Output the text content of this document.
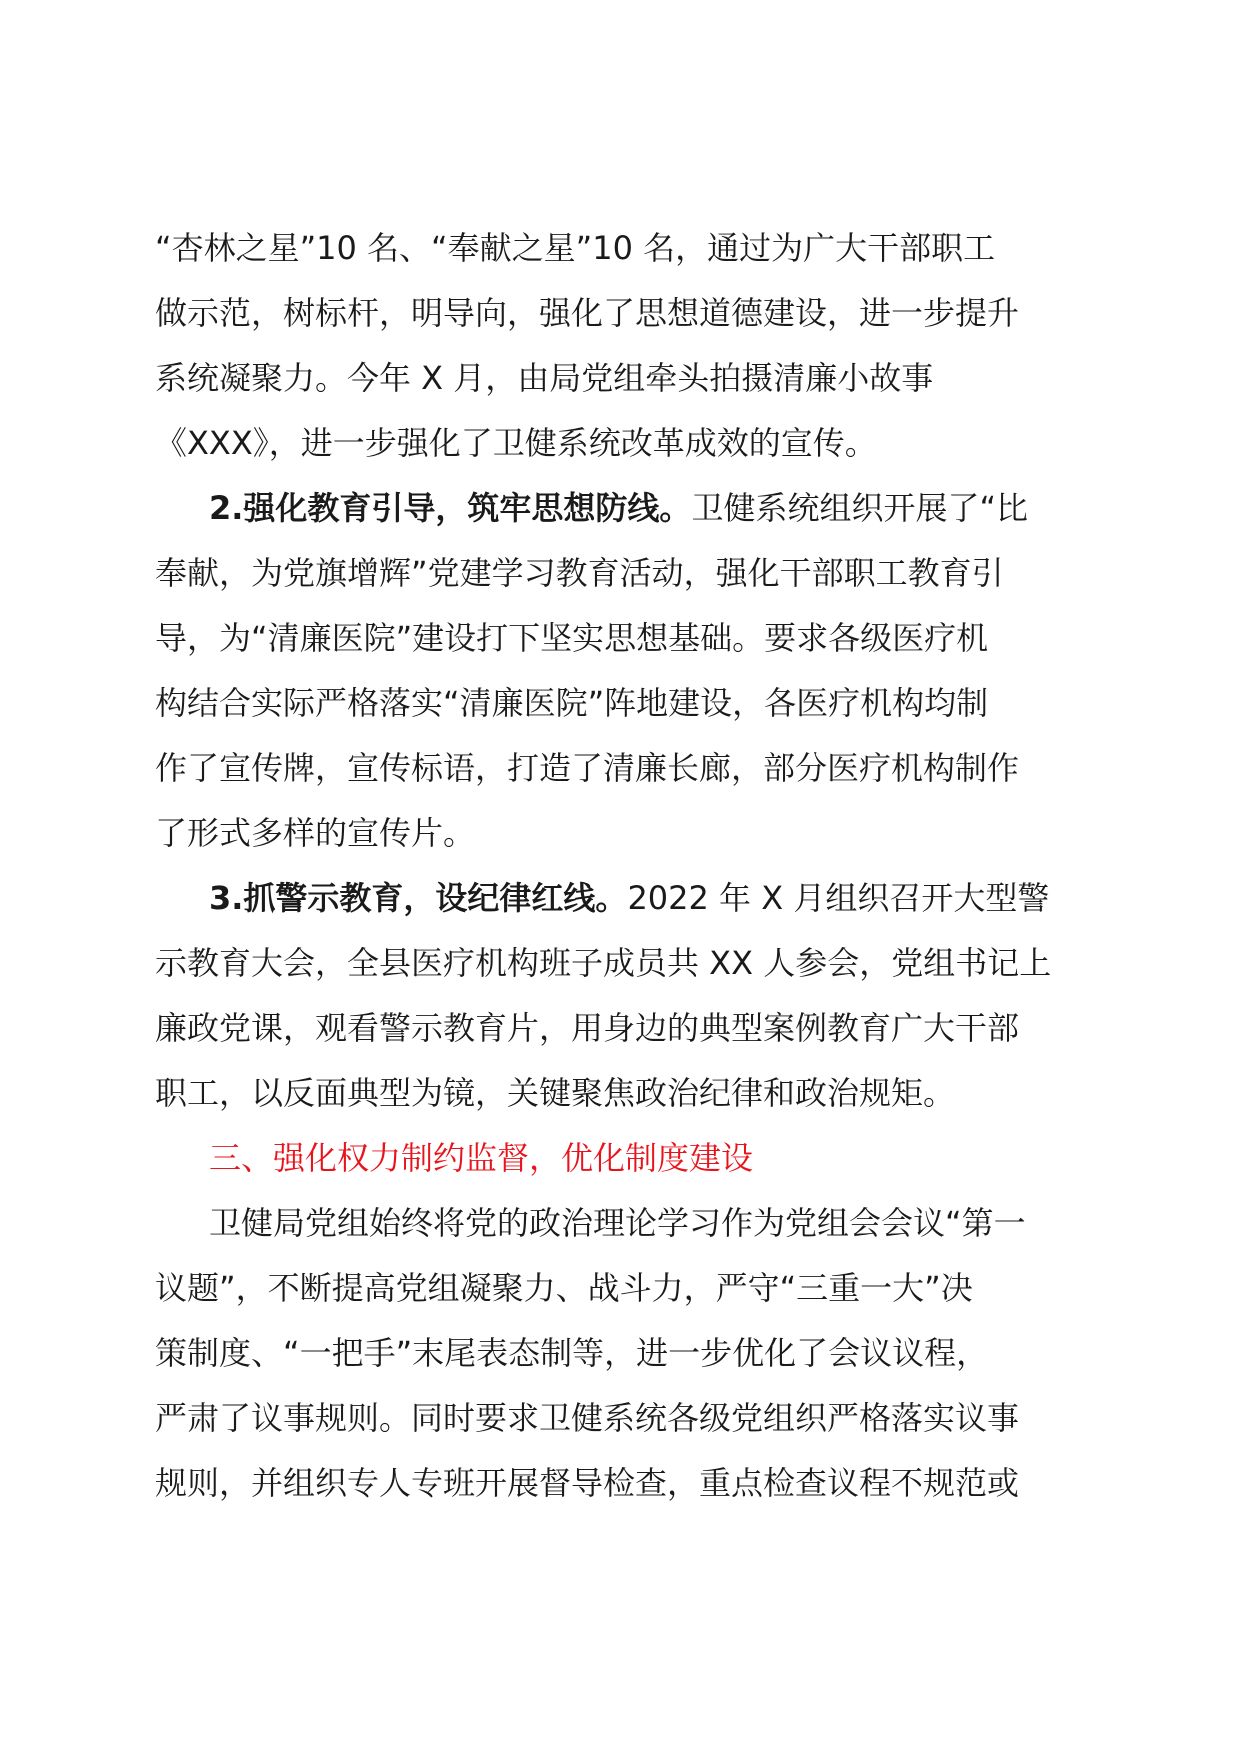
“杏林之星”10 名、“奉献之星”10 名，通过为广大干部职工
做示范，树标杆，明导向，强化了思想道德建设，进一步提升
系统凝聚力。今年 X 月，由局党组牵头拍摄清廉小故事
《XXX》，进一步强化了卫健系统改革成效的宣传。
2.强化教育引导，筑牢思想防线。卫健系统组织开展了“比
奉献，为党旗增辉”党建学习教育活动，强化干部职工教育引
导，为“清廉医院”建设打下坚实思想基础。要求各级医疗机
构结合实际严格落实“清廉医院”阵地建设，各医疗机构均制
作了宣传牌，宣传标语，打造了清廉长廊，部分医疗机构制作
了形式多样的宣传片。
3.抓警示教育，设纪律红线。2022 年 X 月组织召开大型警
示教育大会，全县医疗机构班子成员共 XX 人参会，党组书记上
廉政党课，观看警示教育片，用身边的典型案例教育广大干部
职工，以反面典型为镜，关键聚焦政治纪律和政治规矩。
三、强化权力制约监督，优化制度建设
卫健局党组始终将党的政治理论学习作为党组会会议“第一
议题”，不断提高党组凝聚力、战斗力，严守“三重一大”决
策制度、“一把手”末尾表态制等，进一步优化了会议议程，
严肃了议事规则。同时要求卫健系统各级党组织严格落实议事
规则，并组织专人专班开展督导检查，重点检查议程不规范或
